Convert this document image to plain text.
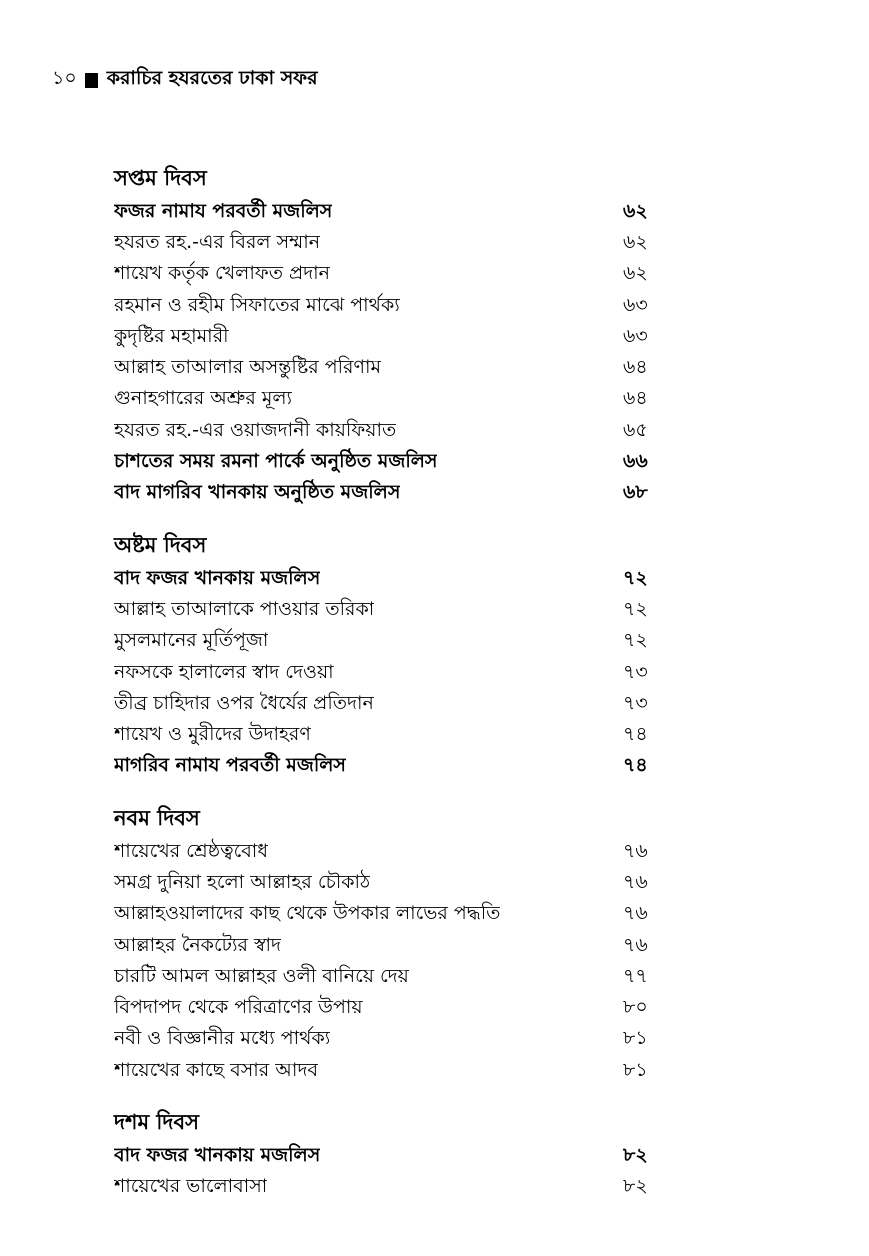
১০ করাচির হযরতের ঢাকা সফর
সপ্তম দিবস
ফজর নামায পরবর্তী মজলিস	৬২
হযরত রহ.-এর বিরল সম্মান	৬২
শায়েখ কর্তৃক খেলাফত প্রদান	৬২
রহমান ও রহীম সিফাতের মাঝে পার্থক্য	৬৩
কুদৃষ্টির মহামারী	৬৩
আল্লাহ তাআলার অসন্তুষ্টির পরিণাম	৬৪
গুনাহগারের অশ্রুর মূল্য	৬৪
হযরত রহ.-এর ওয়াজদানী কায়ফিয়াত	৬৫
চাশতের সময় রমনা পার্কে অনুষ্ঠিত মজলিস	৬৬
বাদ মাগরিব খানকায় অনুষ্ঠিত মজলিস	৬৮
অষ্টম দিবস
বাদ ফজর খানকায় মজলিস	৭২
আল্লাহ তাআলাকে পাওয়ার তরিকা	৭২
মুসলমানের মূর্তিপূজা	৭২
নফসকে হালালের স্বাদ দেওয়া	৭৩
তীব্র চাহিদার ওপর ধৈর্যের প্রতিদান	৭৩
শায়েখ ও মুরীদের উদাহরণ	৭৪
মাগরিব নামায পরবর্তী মজলিস	৭৪
নবম দিবস
শায়েখের শ্রেষ্ঠত্ববোধ	৭৬
সমগ্র দুনিয়া হলো আল্লাহর চৌকাঠ	৭৬
আল্লাহওয়ালাদের কাছ থেকে উপকার লাভের পদ্ধতি	৭৬
আল্লাহর নৈকট্যের স্বাদ	৭৬
চারটি আমল আল্লাহর ওলী বানিয়ে দেয়	৭৭
বিপদাপদ থেকে পরিত্রাণের উপায়	৮০
নবী ও বিজ্ঞানীর মধ্যে পার্থক্য	৮১
শায়েখের কাছে বসার আদব	৮১
দশম দিবস
বাদ ফজর খানকায় মজলিস	৮২
শায়েখের ভালোবাসা	৮২
